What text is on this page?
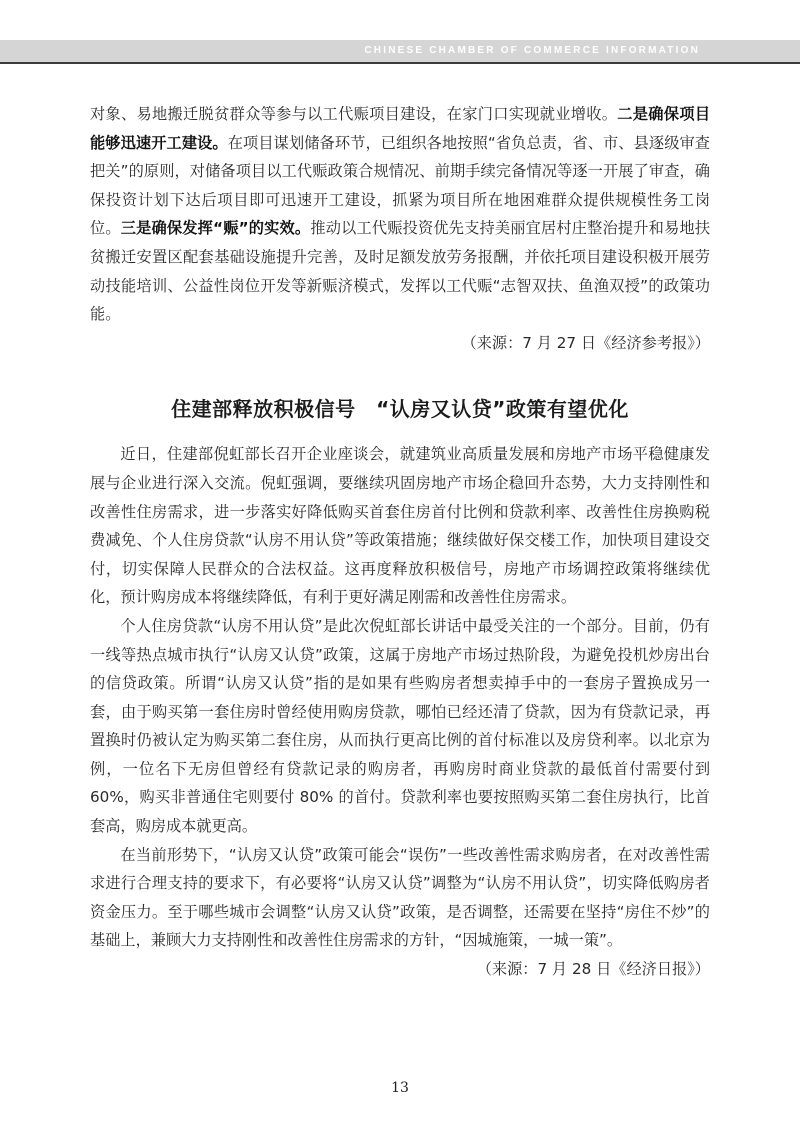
CHINESE CHAMBER OF COMMERCE INFORMATION

对象、易地搬迁脱贫群众等参与以工代赈项目建设，在家门口实现就业增收。二是确保项目能够迅速开工建设。在项目谋划储备环节，已组织各地按照“省负总责，省、市、县逐级审查把关”的原则，对储备项目以工代赈政策合规情况、前期手续完备情况等逐一开展了审查，确保投资计划下达后项目即可迅速开工建设，抓紧为项目所在地困难群众提供规模性务工岗位。三是确保发挥“赈”的实效。推动以工代赈投资优先支持美丽宜居村庄整治提升和易地扶贫搬迁安置区配套基础设施提升完善，及时足额发放劳务报酬，并依托项目建设积极开展劳动技能培训、公益性岗位开发等新赈济模式，发挥以工代赈“志智双扶、鱼渔双授”的政策功能。

（来源：7 月 27 日《经济参考报》）

住建部释放积极信号　“认房又认贷”政策有望优化

近日，住建部倪虹部长召开企业座谈会，就建筑业高质量发展和房地产市场平稳健康发展与企业进行深入交流。倪虹强调，要继续巩固房地产市场企稳回升态势，大力支持刚性和改善性住房需求，进一步落实好降低购买首套住房首付比例和贷款利率、改善性住房换购税费减免、个人住房贷款“认房不用认贷”等政策措施；继续做好保交楼工作，加快项目建设交付，切实保障人民群众的合法权益。这再度释放积极信号，房地产市场调控政策将继续优化，预计购房成本将继续降低，有利于更好满足刚需和改善性住房需求。

个人住房贷款“认房不用认贷”是此次倪虹部长讲话中最受关注的一个部分。目前，仍有一线等热点城市执行“认房又认贷”政策，这属于房地产市场过热阶段，为避免投机炒房出台的信贷政策。所谓“认房又认贷”指的是如果有些购房者想卖掉手中的一套房子置换成另一套，由于购买第一套住房时曾经使用购房贷款，哪怕已经还清了贷款，因为有贷款记录，再置换时仍被认定为购买第二套住房，从而执行更高比例的首付标准以及房贷利率。以北京为例，一位名下无房但曾经有贷款记录的购房者，再购房时商业贷款的最低首付需要付到 60%，购买非普通住宅则要付 80% 的首付。贷款利率也要按照购买第二套住房执行，比首套高，购房成本就更高。

在当前形势下，“认房又认贷”政策可能会“误伤”一些改善性需求购房者，在对改善性需求进行合理支持的要求下，有必要将“认房又认贷”调整为“认房不用认贷”，切实降低购房者资金压力。至于哪些城市会调整“认房又认贷”政策，是否调整，还需要在坚持“房住不炒”的基础上，兼顾大力支持刚性和改善性住房需求的方针，“因城施策，一城一策”。

（来源：7 月 28 日《经济日报》）

13
